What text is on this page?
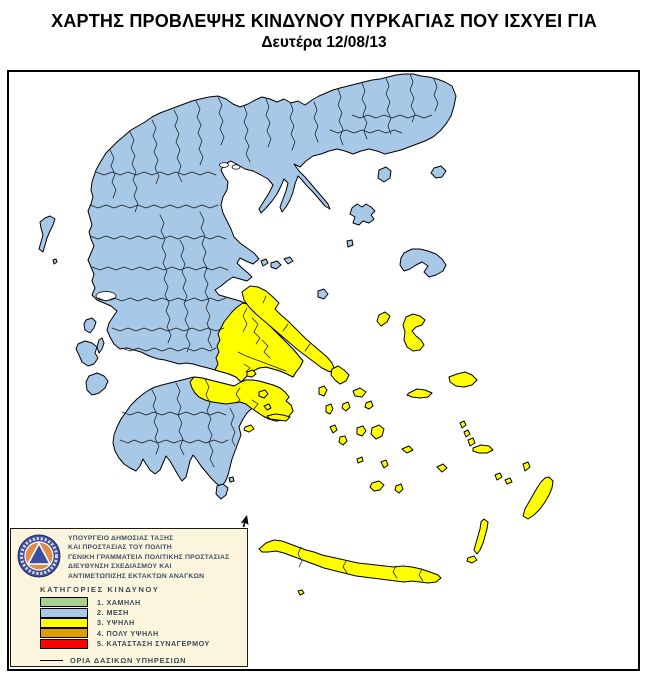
ΧΑΡΤΗΣ ΠΡΟΒΛΕΨΗΣ ΚΙΝΔΥΝΟΥ ΠΥΡΚΑΓΙΑΣ ΠΟΥ ΙΣΧΥΕΙ ΓΙΑ
Δευτέρα 12/08/13
ΥΠΟΥΡΓΕΙΟ ΔΗΜΟΣΙΑΣ ΤΑΞΗΣ
ΚΑΙ ΠΡΟΣΤΑΣΙΑΣ ΤΟΥ ΠΟΛΙΤΗ
ΓΕΝΙΚΗ ΓΡΑΜΜΑΤΕΙΑ ΠΟΛΙΤΙΚΗΣ ΠΡΟΣΤΑΣΙΑΣ
ΔΙΕΥΘΥΝΣΗ ΣΧΕΔΙΑΣΜΟΥ ΚΑΙ
ΑΝΤΙΜΕΤΩΠΙΣΗΣ ΕΚΤΑΚΤΩΝ ΑΝΑΓΚΩΝ
ΚΑΤΗΓΟΡΙΕΣ ΚΙΝΔΥΝΟΥ
1. ΧΑΜΗΛΗ
2. ΜΕΣΗ
3. ΥΨΗΛΗ
4. ΠΟΛΥ ΥΨΗΛΗ
5. ΚΑΤΑΣΤΑΣΗ ΣΥΝΑΓΕΡΜΟΥ
ΟΡΙΑ ΔΑΣΙΚΩΝ ΥΠΗΡΕΣΙΩΝ
